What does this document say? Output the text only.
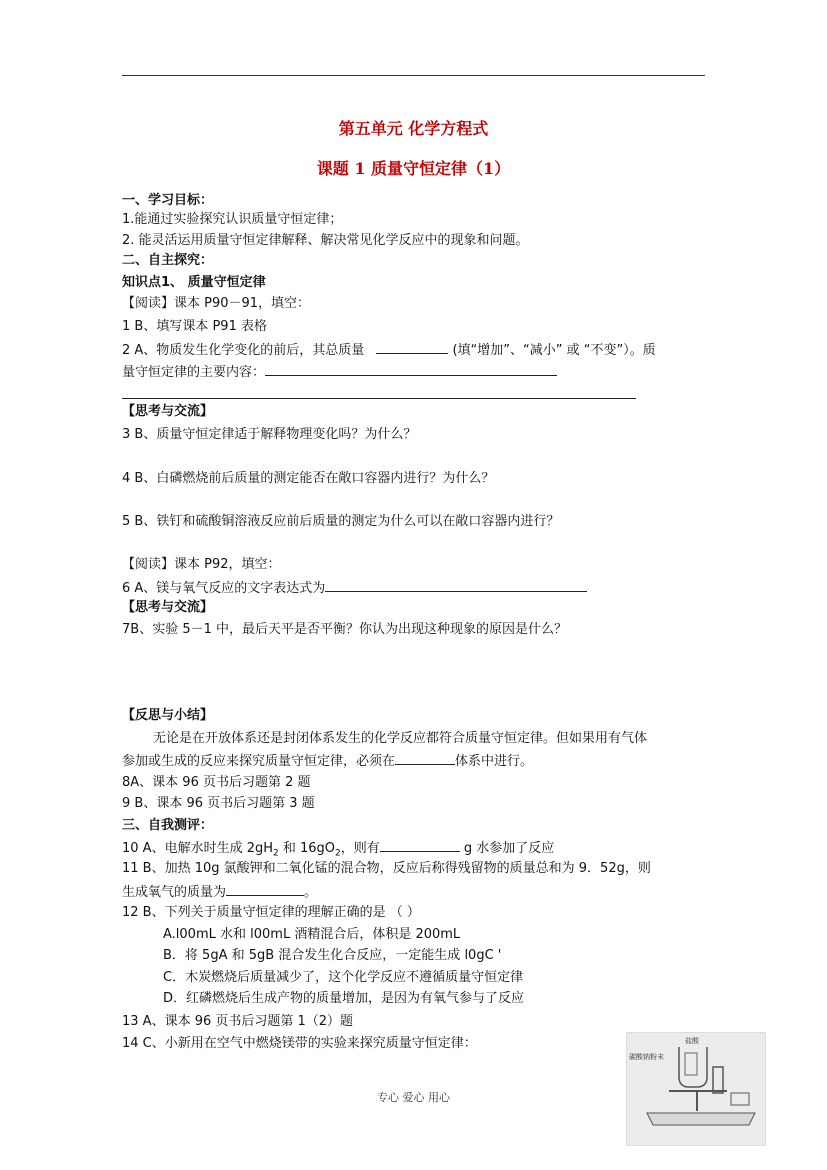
第五单元 化学方程式
课题 1 质量守恒定律（1）
一、学习目标：
1.能通过实验探究认识质量守恒定律；
2. 能灵活运用质量守恒定律解释、解决常见化学反应中的现象和问题。
二、自主探究：
知识点1、 质量守恒定律
【阅读】课本 P90－91，填空：
1 B、填写课本 P91 表格
2 A、物质发生化学变化的前后，其总质量	(填“增加”、“减小” 或 “不变”）。质
量守恒定律的主要内容：
【思考与交流】
3 B、质量守恒定律适于解释物理变化吗？为什么？
4 B、白磷燃烧前后质量的测定能否在敞口容器内进行？为什么？
5 B、铁钉和硫酸铜溶液反应前后质量的测定为什么可以在敞口容器内进行？
【阅读】课本 P92，填空：
6 A、镁与氧气反应的文字表达式为
【思考与交流】
7B、实验 5－1 中，最后天平是否平衡？你认为出现这种现象的原因是什么？
【反思与小结】
无论是在开放体系还是封闭体系发生的化学反应都符合质量守恒定律。但如果用有气体
参加或生成的反应来探究质量守恒定律，必须在	体系中进行。
8A、课本 96 页书后习题第 2 题
9 B、课本 96 页书后习题第 3 题
三、自我测评：
10 A、电解水时生成 $2gH_2$ 和 $16gO_2$，则有	g 水参加了反应
11 B、加热 10g 氯酸钾和二氧化锰的混合物，反应后称得残留物的质量总和为 9．52g，则
生成氧气的质量为	。
12 B、下列关于质量守恒定律的理解正确的是 （ ）
A.l00mL 水和 l00mL 酒精混合后，体积是 200mL
B．将 5gA 和 5gB 混合发生化合反应，一定能生成 l0gC '
C．木炭燃烧后质量减少了，这个化学反应不遵循质量守恒定律
D．红磷燃烧后生成产物的质量增加，是因为有氧气参与了反应
13 A、课本 96 页书后习题第 1（2）题
14 C、小新用在空气中燃烧镁带的实验来探究质量守恒定律：	盐酸
碳酸钠粉末
专心 爱心 用心
